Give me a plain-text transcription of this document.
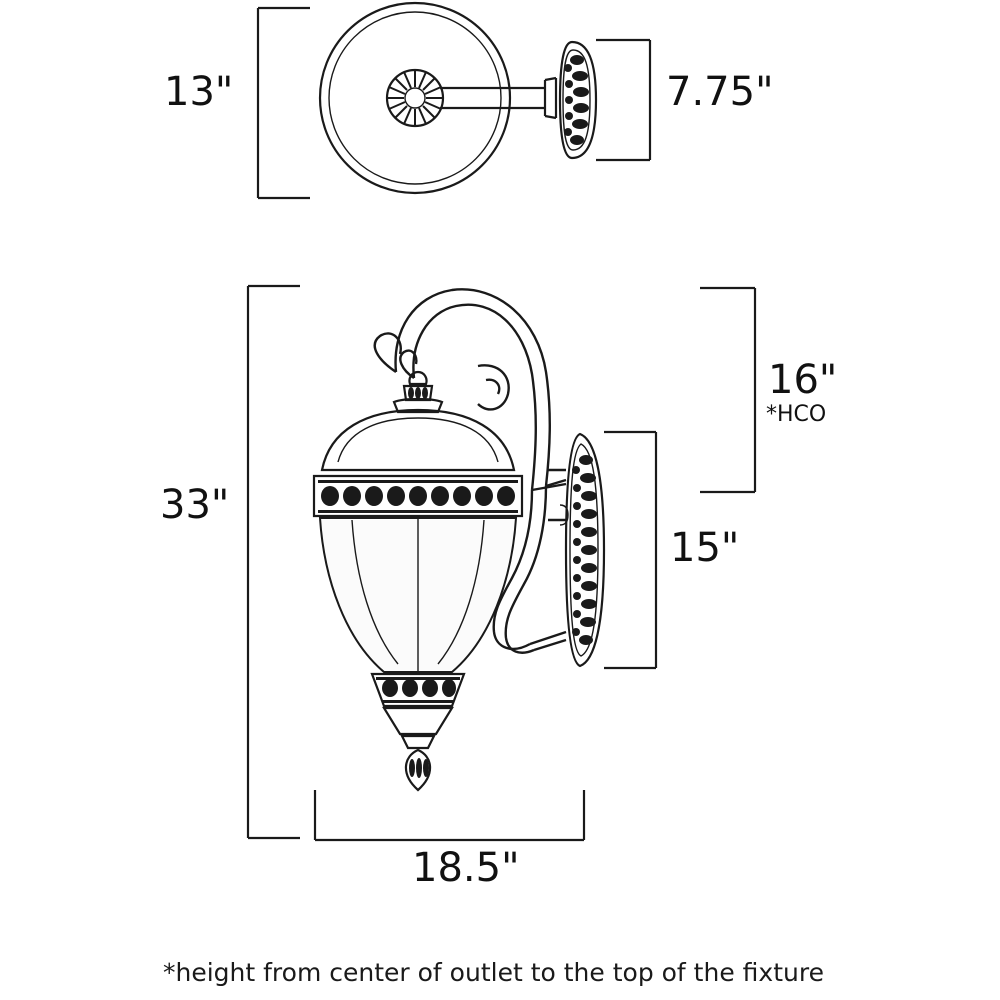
13"	7.75"
33"
16"
*HCO
15"
18.5"
*height from center of outlet to the top of the fixture
